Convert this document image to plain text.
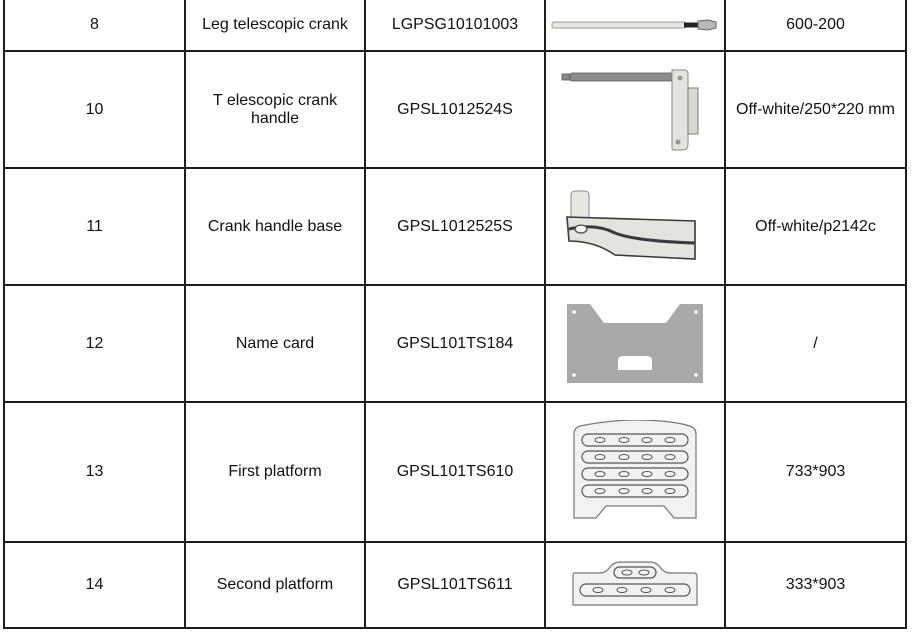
8	Leg telescopic crank	LGPSG10101003		600-200
10	T elescopic crank handle	GPSL1012524S		Off-white/250*220 mm
11	Crank handle base	GPSL1012525S		Off-white/p2142c
12	Name card	GPSL101TS184		/
13	First platform	GPSL101TS610		733*903
14	Second platform	GPSL101TS611		333*903
